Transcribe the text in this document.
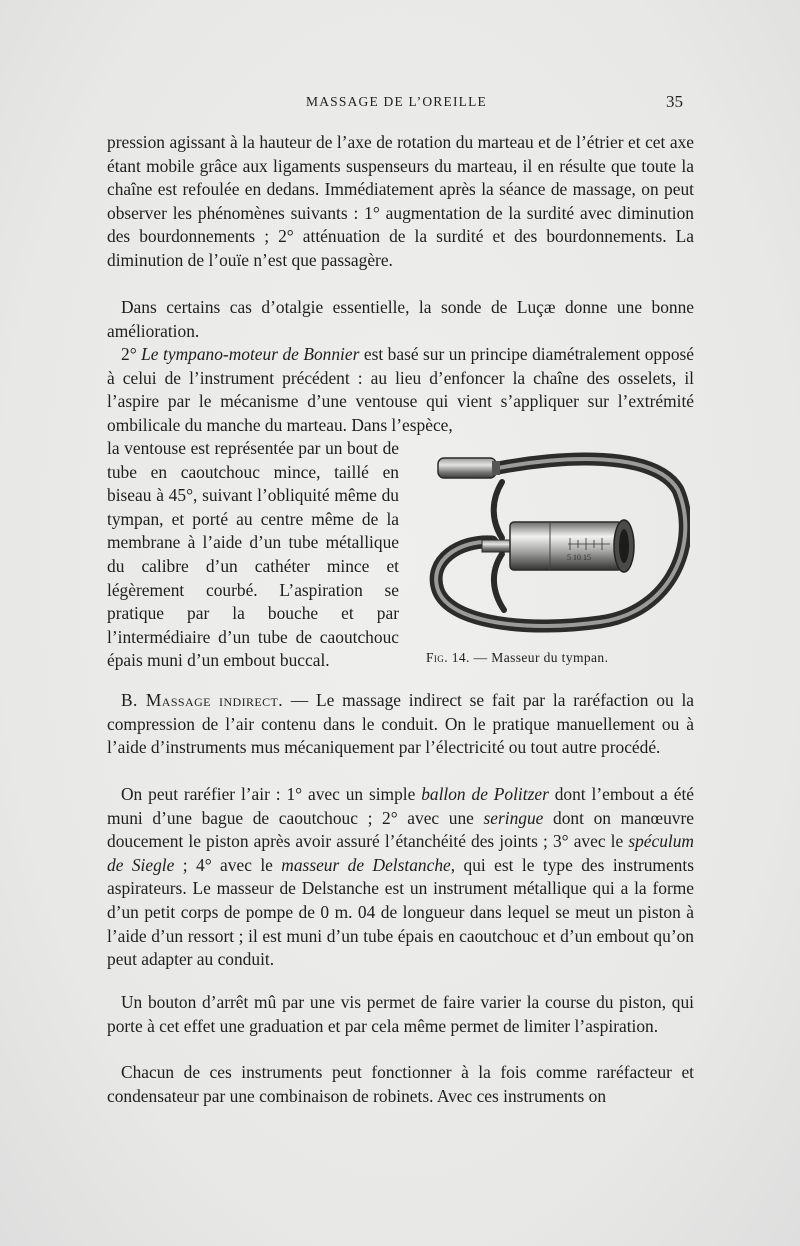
MASSAGE DE L’OREILLE	35

pression agissant à la hauteur de l’axe de rotation du marteau et de l’étrier et cet axe étant mobile grâce aux ligaments suspenseurs du marteau, il en résulte que toute la chaîne est refoulée en dedans. Immédiatement après la séance de massage, on peut observer les phénomènes suivants : 1° augmentation de la surdité avec diminution des bourdonnements ; 2° atténuation de la surdité et des bourdonnements. La diminution de l’ouïe n’est que passagère.

Dans certains cas d’otalgie essentielle, la sonde de Luçæ donne une bonne amélioration.

2° Le tympano-moteur de Bonnier est basé sur un principe diamétralement opposé à celui de l’instrument précédent : au lieu d’enfoncer la chaîne des osselets, il l’aspire par le mécanisme d’une ventouse qui vient s’appliquer sur l’extrémité ombilicale du manche du marteau. Dans l’espèce,

la ventouse est représentée par un bout de tube en caoutchouc mince, taillé en biseau à 45°, suivant l’obliquité même du tympan, et porté au centre même de la membrane à l’aide d’un tube métallique du calibre d’un cathéter mince et légèrement courbé. L’aspiration se pratique par la bouche et par l’intermédiaire d’un tube de caoutchouc épais muni d’un embout buccal.

5 10 15
Fig. 14. — Masseur du tympan.

B. Massage indirect. — Le massage indirect se fait par la raréfaction ou la compression de l’air contenu dans le conduit. On le pratique manuellement ou à l’aide d’instruments mus mécaniquement par l’électricité ou tout autre procédé.

On peut raréfier l’air : 1° avec un simple ballon de Politzer dont l’embout a été muni d’une bague de caoutchouc ; 2° avec une seringue dont on manœuvre doucement le piston après avoir assuré l’étanchéité des joints ; 3° avec le spéculum de Siegle ; 4° avec le masseur de Delstanche, qui est le type des instruments aspirateurs. Le masseur de Delstanche est un instrument métallique qui a la forme d’un petit corps de pompe de 0 m. 04 de longueur dans lequel se meut un piston à l’aide d’un ressort ; il est muni d’un tube épais en caoutchouc et d’un embout qu’on peut adapter au conduit.

Un bouton d’arrêt mû par une vis permet de faire varier la course du piston, qui porte à cet effet une graduation et par cela même permet de limiter l’aspiration.

Chacun de ces instruments peut fonctionner à la fois comme raréfacteur et condensateur par une combinaison de robinets. Avec ces instruments on
